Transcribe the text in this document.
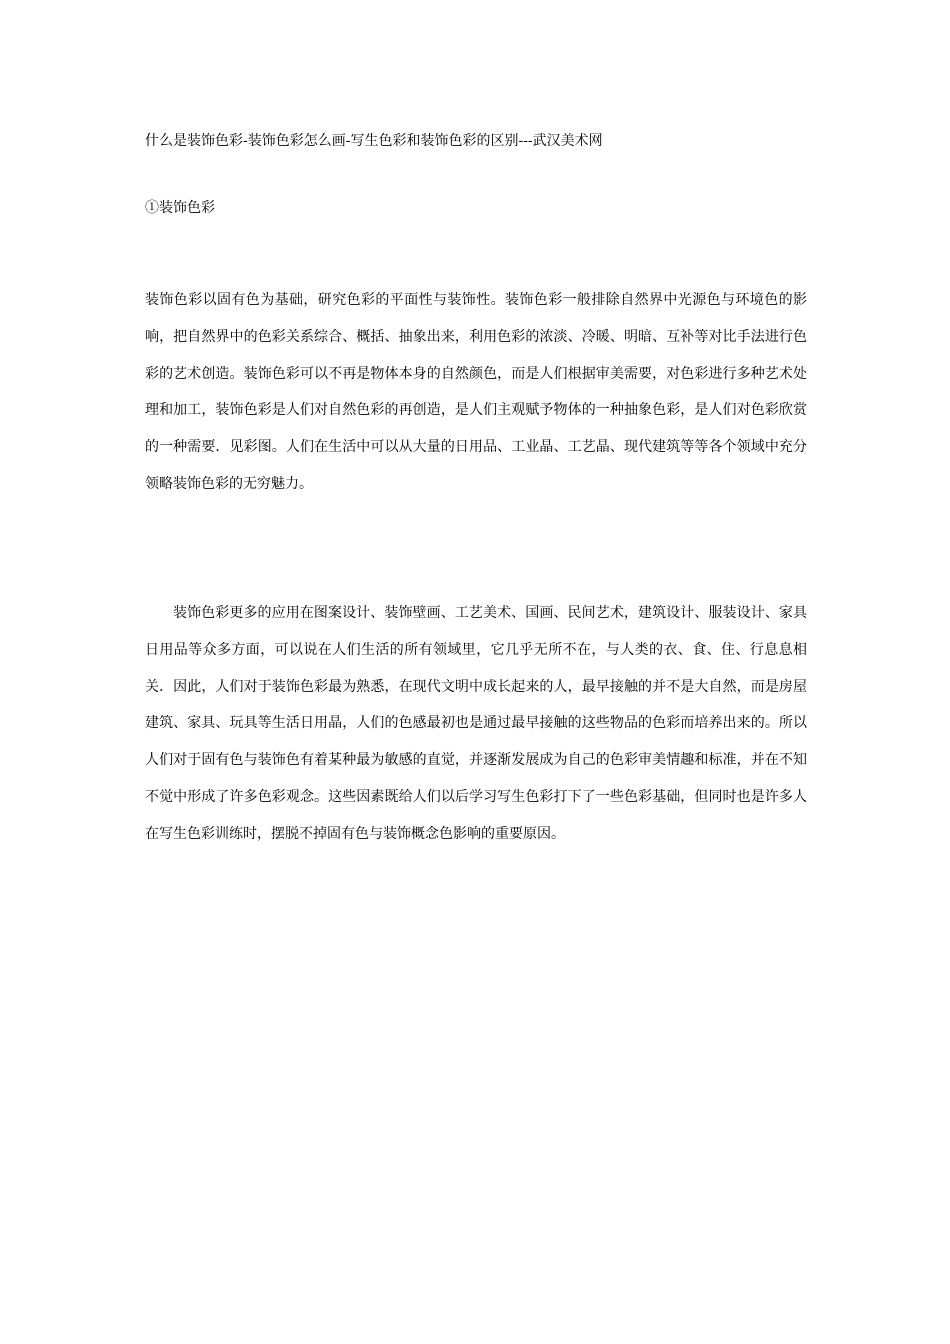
什么是装饰色彩-装饰色彩怎么画-写生色彩和装饰色彩的区别---武汉美术网
①装饰色彩

装饰色彩以固有色为基础，研究色彩的平面性与装饰性。装饰色彩一般排除自然界中光源色与环境色的影响，把自然界中的色彩关系综合、概括、抽象出来，利用色彩的浓淡、冷暖、明暗、互补等对比手法进行色彩的艺术创造。装饰色彩可以不再是物体本身的自然颜色，而是人们根据审美需要，对色彩进行多种艺术处理和加工，装饰色彩是人们对自然色彩的再创造，是人们主观赋予物体的一种抽象色彩，是人们对色彩欣赏的一种需要．见彩图。人们在生活中可以从大量的日用品、工业晶、工艺晶、现代建筑等等各个领域中充分领略装饰色彩的无穷魅力。

装饰色彩更多的应用在图案设计、装饰壁画、工艺美术、国画、民间艺术，建筑设计、服装设计、家具日用品等众多方面，可以说在人们生活的所有领域里，它几乎无所不在，与人类的衣、食、住、行息息相关．因此，人们对于装饰色彩最为熟悉，在现代文明中成长起来的人，最早接触的并不是大自然，而是房屋建筑、家具、玩具等生活日用晶，人们的色感最初也是通过最早接触的这些物品的色彩而培养出来的。所以人们对于固有色与装饰色有着某种最为敏感的直觉，并逐渐发展成为自己的色彩审美情趣和标准，并在不知不觉中形成了许多色彩观念。这些因素既给人们以后学习写生色彩打下了一些色彩基础，但同时也是许多人在写生色彩训练时，摆脱不掉固有色与装饰概念色影响的重要原因。
